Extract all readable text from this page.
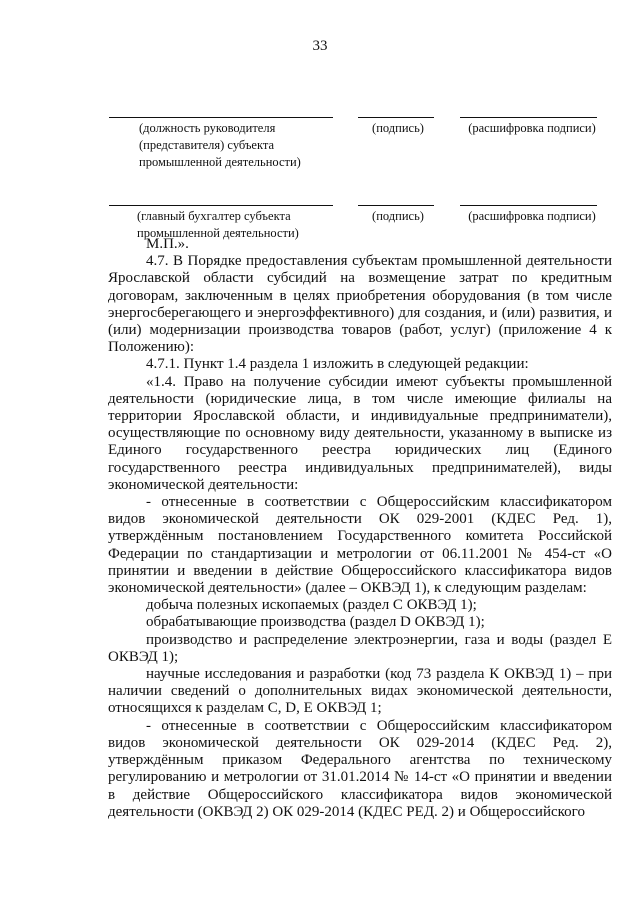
33
(должность руководителя
(представителя) субъекта
промышленной деятельности)
(подпись)	(расшифровка подписи)
(главный бухгалтер субъекта
промышленной деятельности)
(подпись)	(расшифровка подписи)

М.П.».

4.7. В Порядке предоставления субъектам промышленной деятельности Ярославской области субсидий на возмещение затрат по кредитным договорам, заключенным в целях приобретения оборудования (в том числе энергосберегающего и энергоэффективного) для создания, и (или) развития, и (или) модернизации производства товаров (работ, услуг) (приложение 4 к Положению):

4.7.1. Пункт 1.4 раздела 1 изложить в следующей редакции:

«1.4. Право на получение субсидии имеют субъекты промышленной деятельности (юридические лица, в том числе имеющие филиалы на территории Ярославской области, и индивидуальные предприниматели), осуществляющие по основному виду деятельности, указанному в выписке из Единого государственного реестра юридических лиц (Единого государственного реестра индивидуальных предпринимателей), виды экономической деятельности:

- отнесенные в соответствии с Общероссийским классификатором видов экономической деятельности ОК 029-2001 (КДЕС Ред. 1), утверждённым постановлением Государственного комитета Российской Федерации по стандартизации и метрологии от 06.11.2001 № 454-ст «О принятии и введении в действие Общероссийского классификатора видов экономической деятельности» (далее – ОКВЭД 1), к следующим разделам:

добыча полезных ископаемых (раздел С ОКВЭД 1);

обрабатывающие производства (раздел D ОКВЭД 1);

производство и распределение электроэнергии, газа и воды (раздел Е ОКВЭД 1);

научные исследования и разработки (код 73 раздела К ОКВЭД 1) – при наличии сведений о дополнительных видах экономической деятельности, относящихся к разделам С, D, Е ОКВЭД 1;

- отнесенные в соответствии с Общероссийским классификатором видов экономической деятельности ОК 029-2014 (КДЕС Ред. 2), утверждённым приказом Федерального агентства по техническому регулированию и метрологии от 31.01.2014 № 14-ст «О принятии и введении в действие Общероссийского классификатора видов экономической деятельности (ОКВЭД 2) ОК 029-2014 (КДЕС РЕД. 2) и Общероссийского
